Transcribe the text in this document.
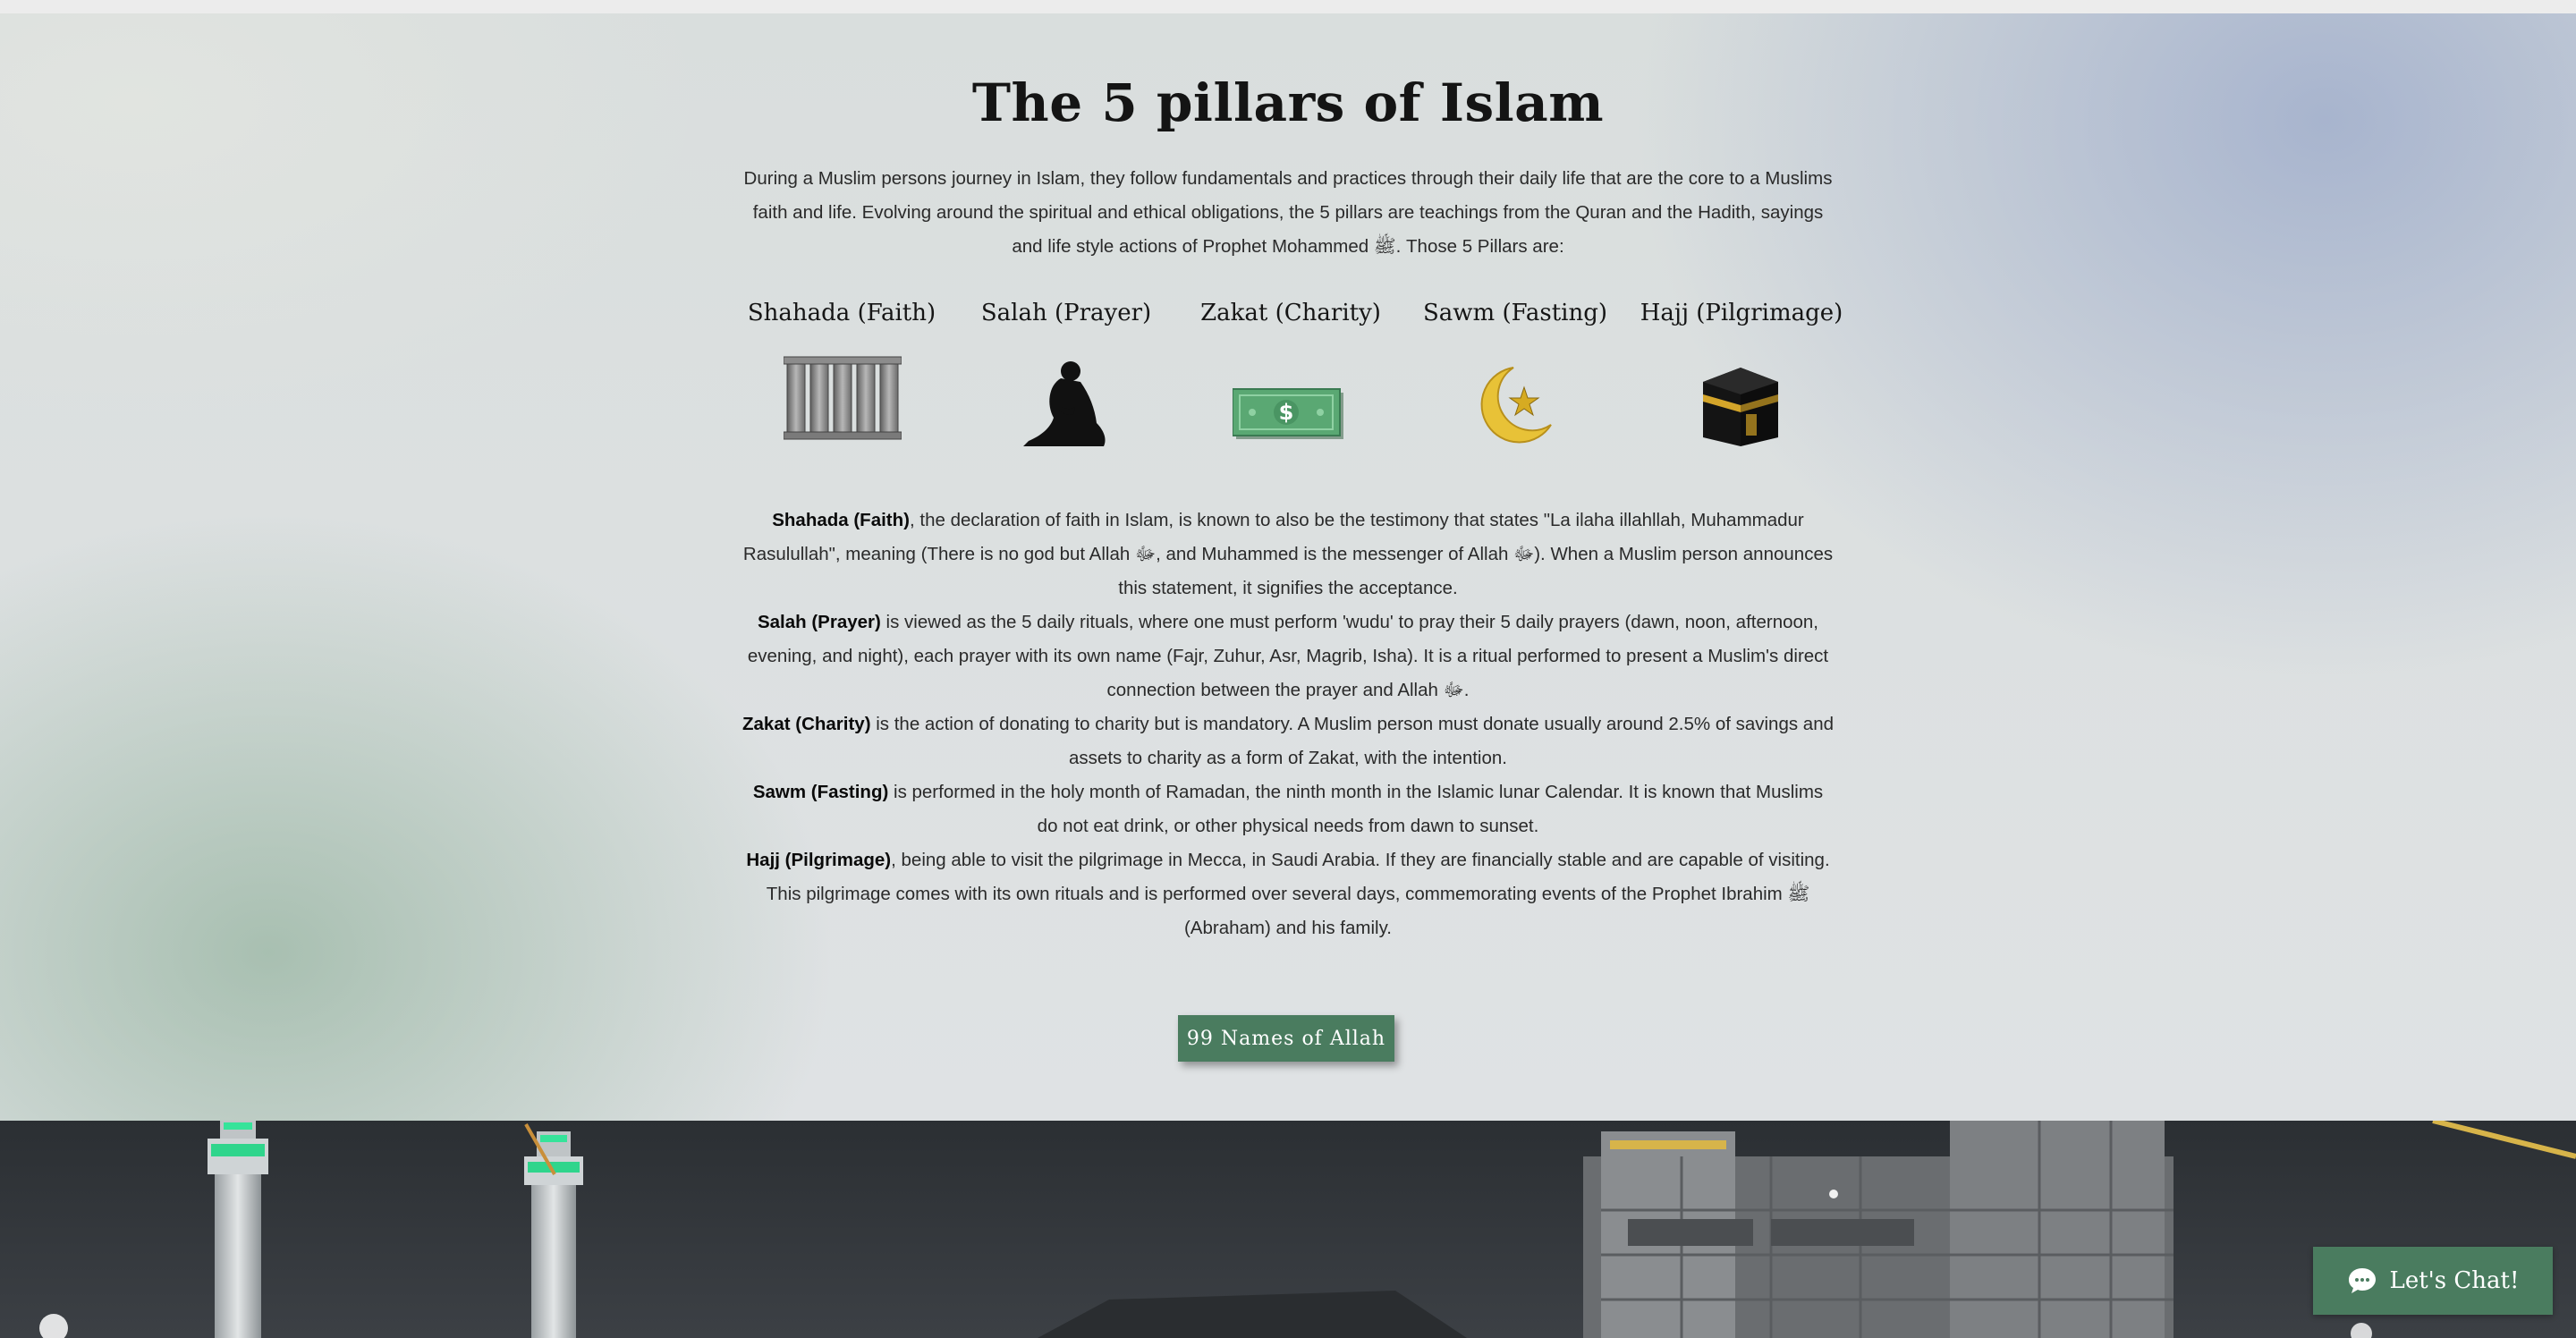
The 5 pillars of Islam

During a Muslim persons journey in Islam, they follow fundamentals and practices through their daily life that are the core to a Muslims faith and life. Evolving around the spiritual and ethical obligations, the 5 pillars are teachings from the Quran and the Hadith, sayings and life style actions of Prophet Mohammed ﷺ. Those 5 Pillars are:

Shahada (Faith) Salah (Prayer) Zakat (Charity) Sawm (Fasting) Hajj (Pilgrimage)
$

Shahada (Faith), the declaration of faith in Islam, is known to also be the testimony that states "La ilaha illahllah, Muhammadur Rasulullah", meaning (There is no god but Allah ﷻ, and Muhammed is the messenger of Allah ﷻ). When a Muslim person announces this statement, it signifies the acceptance.

Salah (Prayer) is viewed as the 5 daily rituals, where one must perform 'wudu' to pray their 5 daily prayers (dawn, noon, afternoon, evening, and night), each prayer with its own name (Fajr, Zuhur, Asr, Magrib, Isha). It is a ritual performed to present a Muslim's direct connection between the prayer and Allah ﷻ.

Zakat (Charity) is the action of donating to charity but is mandatory. A Muslim person must donate usually around 2.5% of savings and assets to charity as a form of Zakat, with the intention.

Sawm (Fasting) is performed in the holy month of Ramadan, the ninth month in the Islamic lunar Calendar. It is known that Muslims do not eat drink, or other physical needs from dawn to sunset.

Hajj (Pilgrimage), being able to visit the pilgrimage in Mecca, in Saudi Arabia. If they are financially stable and are capable of visiting. This pilgrimage comes with its own rituals and is performed over several days, commemorating events of the Prophet Ibrahim ﷺ (Abraham) and his family.

99 Names of Allah
Let's Chat!
